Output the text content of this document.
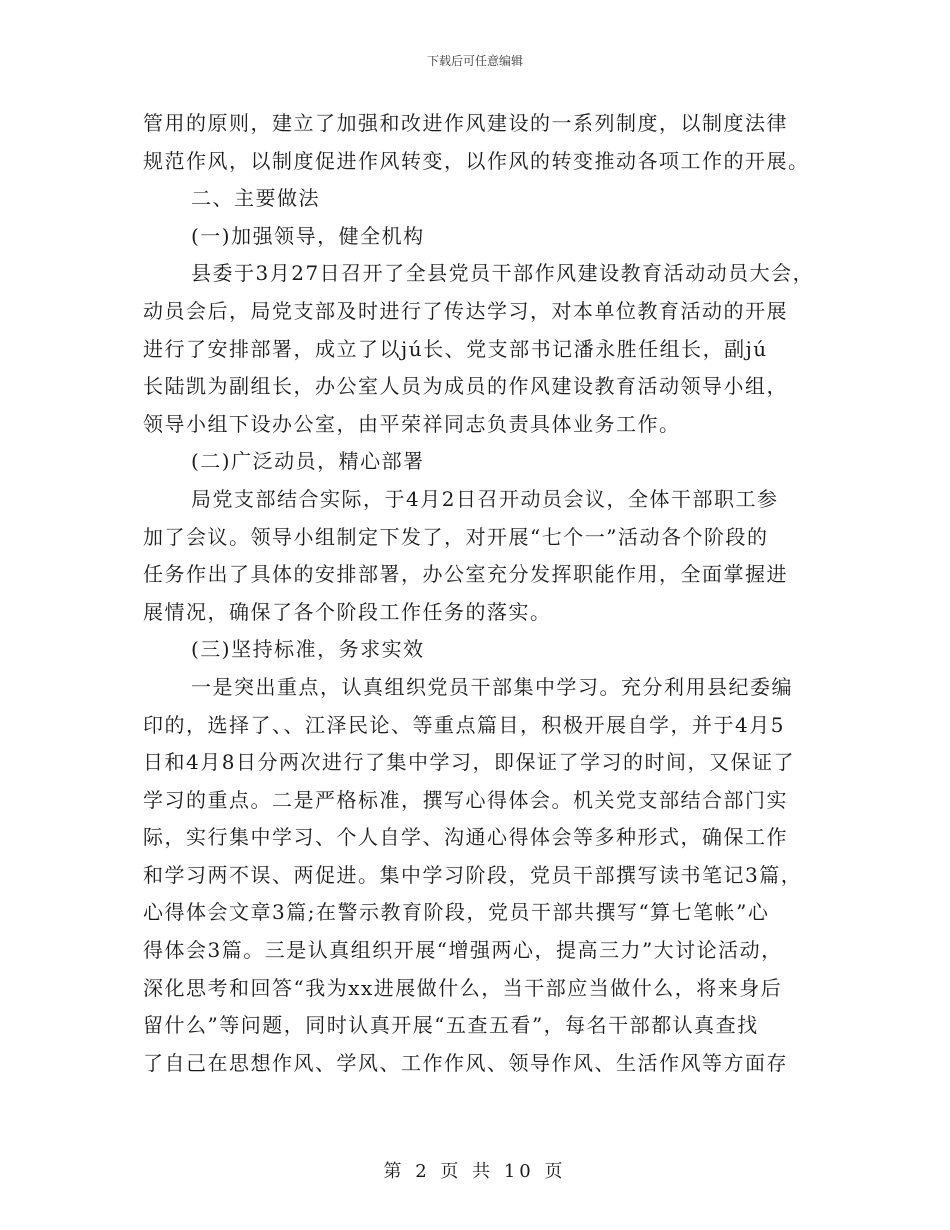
下载后可任意编辑
管用的原则，建立了加强和改进作风建设的一系列制度，以制度法律
规范作风，以制度促进作风转变，以作风的转变推动各项工作的开展。
二、主要做法
(一)加强领导，健全机构
县委于3月27日召开了全县党员干部作风建设教育活动动员大会，
动员会后，局党支部及时进行了传达学习，对本单位教育活动的开展
进行了安排部署，成立了以jú长、党支部书记潘永胜任组长，副jú
长陆凯为副组长，办公室人员为成员的作风建设教育活动领导小组，
领导小组下设办公室，由平荣祥同志负责具体业务工作。
(二)广泛动员，精心部署
局党支部结合实际，于4月2日召开动员会议，全体干部职工参
加了会议。领导小组制定下发了，对开展“七个一”活动各个阶段的
任务作出了具体的安排部署，办公室充分发挥职能作用，全面掌握进
展情况，确保了各个阶段工作任务的落实。
(三)坚持标准，务求实效
一是突出重点，认真组织党员干部集中学习。充分利用县纪委编
印的，选择了、、江泽民论、等重点篇目，积极开展自学，并于4月5
日和4月8日分两次进行了集中学习，即保证了学习的时间，又保证了
学习的重点。二是严格标准，撰写心得体会。机关党支部结合部门实
际，实行集中学习、个人自学、沟通心得体会等多种形式，确保工作
和学习两不误、两促进。集中学习阶段，党员干部撰写读书笔记3篇，
心得体会文章3篇;在警示教育阶段，党员干部共撰写“算七笔帐”心
得体会3篇。三是认真组织开展“增强两心，提高三力”大讨论活动，
深化思考和回答“我为xx进展做什么，当干部应当做什么，将来身后
留什么”等问题，同时认真开展“五查五看”，每名干部都认真查找
了自己在思想作风、学风、工作作风、领导作风、生活作风等方面存
第 2 页 共 10 页
